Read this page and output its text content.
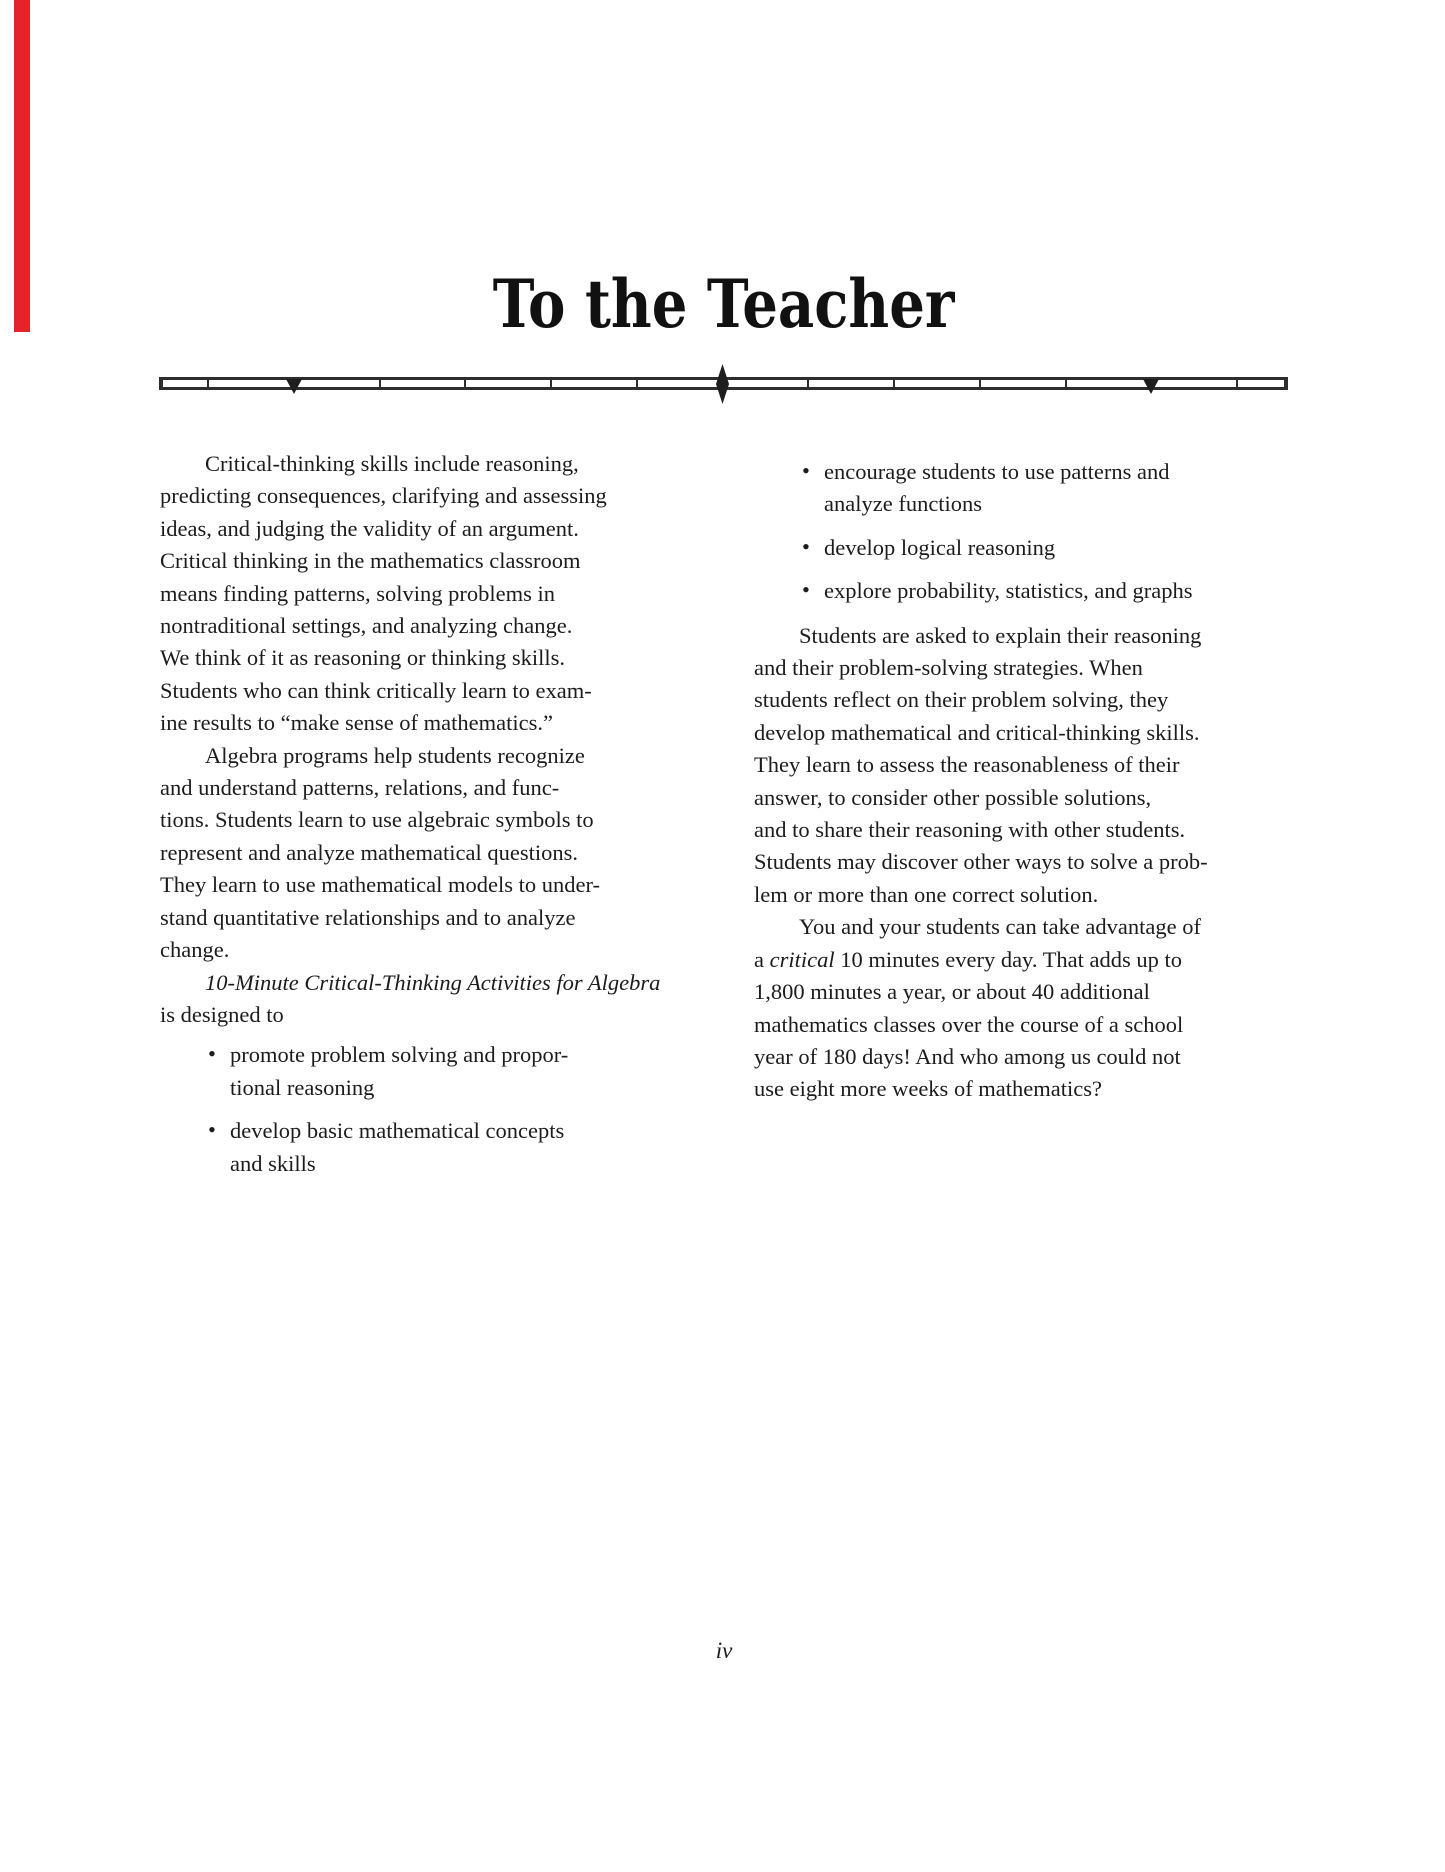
To the Teacher
Critical-thinking skills include reasoning,
predicting consequences, clarifying and assessing
ideas, and judging the validity of an argument.
Critical thinking in the mathematics classroom
means finding patterns, solving problems in
nontraditional settings, and analyzing change.
We think of it as reasoning or thinking skills.
Students who can think critically learn to exam-
ine results to “make sense of mathematics.”
Algebra programs help students recognize
and understand patterns, relations, and func-
tions. Students learn to use algebraic symbols to
represent and analyze mathematical questions.
They learn to use mathematical models to under-
stand quantitative relationships and to analyze
change.
10-Minute Critical-Thinking Activities for Algebra
is designed to
• promote problem solving and propor-
tional reasoning
• develop basic mathematical concepts
and skills
• encourage students to use patterns and
analyze functions
• develop logical reasoning
• explore probability, statistics, and graphs
Students are asked to explain their reasoning
and their problem-solving strategies. When
students reflect on their problem solving, they
develop mathematical and critical-thinking skills.
They learn to assess the reasonableness of their
answer, to consider other possible solutions,
and to share their reasoning with other students.
Students may discover other ways to solve a prob-
lem or more than one correct solution.
You and your students can take advantage of
a critical 10 minutes every day. That adds up to
1,800 minutes a year, or about 40 additional
mathematics classes over the course of a school
year of 180 days! And who among us could not
use eight more weeks of mathematics?
iv
